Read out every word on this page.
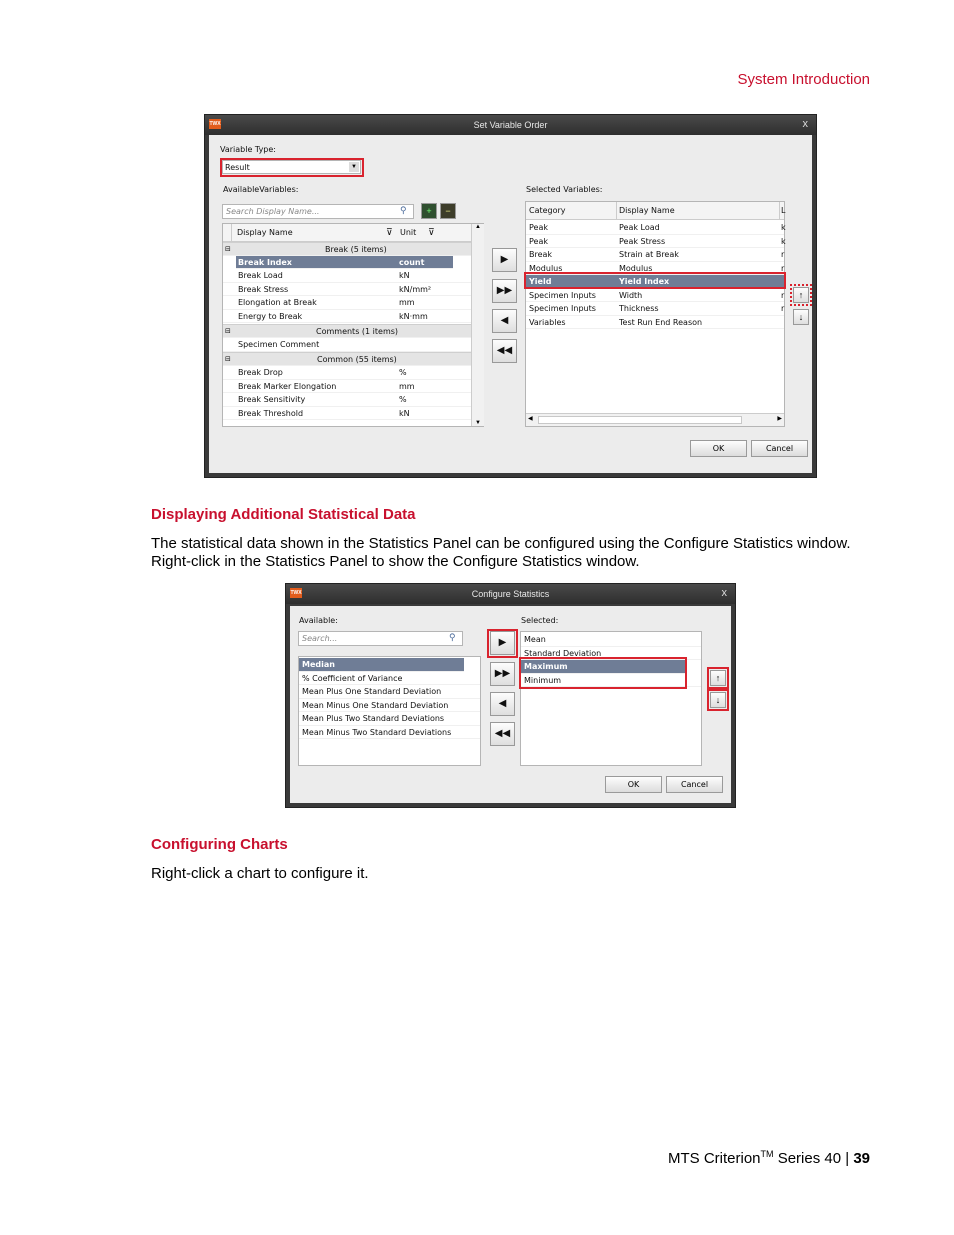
System Introduction
Set Variable Order
TWX	x
Variable Type:
Result	▼
AvailableVariables:
Search Display Name...	⚲	+	−
Display Name	⊽ Unit ⊽
⊟	Break (5 items)
Break Index	count
Break Load	kN
Break Stress	kN/mm²
Elongation at Break	mm
Energy to Break	kN·mm
⊟	Comments (1 items)
Specimen Comment
⊟	Common (55 items)
Break Drop	%
Break Marker Elongation	mm
Break Sensitivity	%
Break Threshold	kN
▲
▼
▶
▶▶
◀
◀◀
Selected Variables:
Category	Display Name	L
Peak	Peak Load	k
Peak	Peak Stress	k
Break	Strain at Break	r
Modulus	Modulus	r
Yield	Yield Index
Specimen Inputs	Width	r
Specimen Inputs	Thickness	r
Variables	Test Run End Reason
◀	▶
↑
↓
OK	Cancel
Displaying Additional Statistical Data
The statistical data shown in the Statistics Panel can be configured using the Configure Statistics window.
Right-click in the Statistics Panel to show the Configure Statistics window.
Configure Statistics
TWX	x
Available:
Search...	⚲
Median
% Coefficient of Variance
Mean Plus One Standard Deviation
Mean Minus One Standard Deviation
Mean Plus Two Standard Deviations
Mean Minus Two Standard Deviations
▶
▶▶
◀
◀◀
Selected:
Mean
Standard Deviation
Maximum
Minimum	↑
↓
OK	Cancel
Configuring Charts
Right-click a chart to configure it.
MTS Criterion™ Series 40 | 39
